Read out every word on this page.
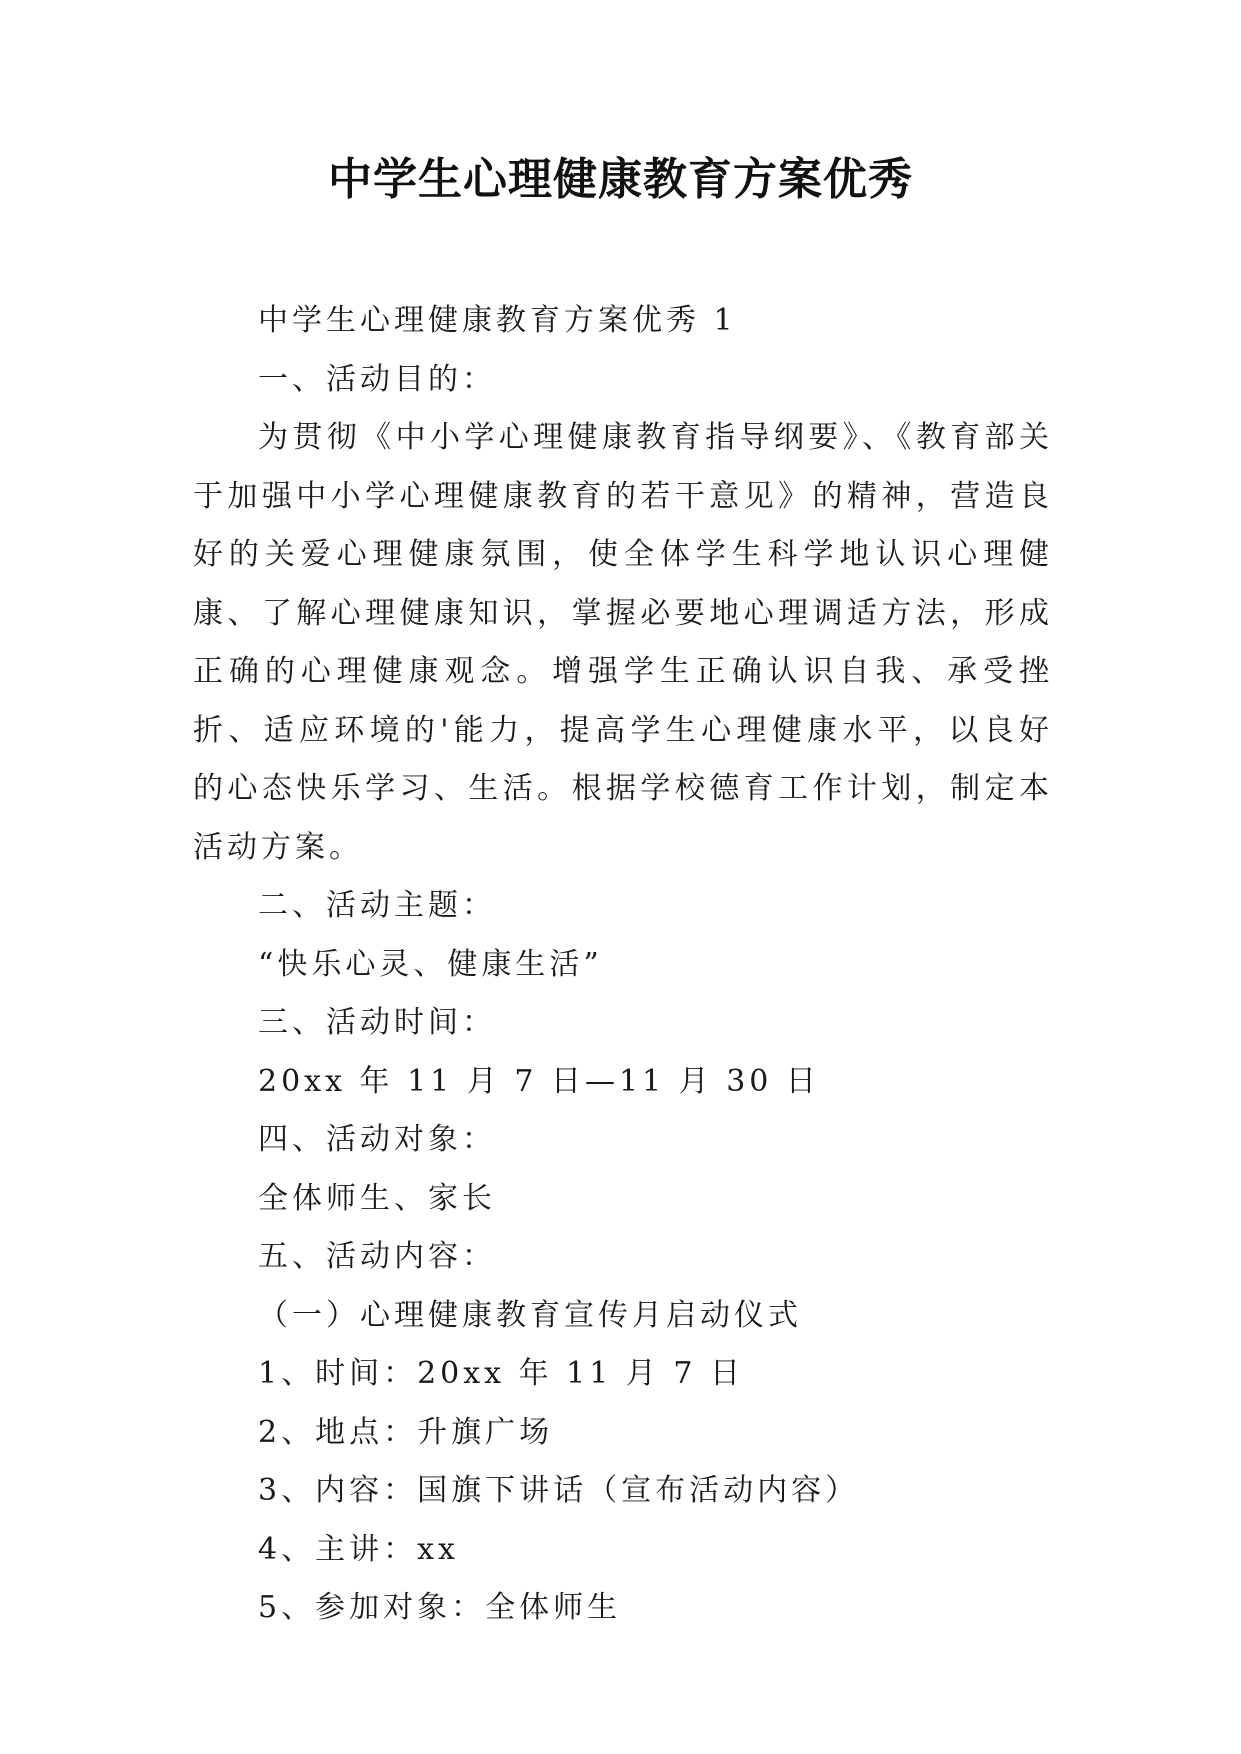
中学生心理健康教育方案优秀

中学生心理健康教育方案优秀 1

一、活动目的：

为贯彻《中小学心理健康教育指导纲要》、《教育部关于加强中小学心理健康教育的若干意见》的精神，营造良好的关爱心理健康氛围，使全体学生科学地认识心理健康、了解心理健康知识，掌握必要地心理调适方法，形成正确的心理健康观念。增强学生正确认识自我、承受挫折、适应环境的'能力，提高学生心理健康水平，以良好的心态快乐学习、生活。根据学校德育工作计划，制定本活动方案。

二、活动主题：

“快乐心灵、健康生活”

三、活动时间：

20xx 年 11 月 7 日—11 月 30 日

四、活动对象：

全体师生、家长

五、活动内容：

（一）心理健康教育宣传月启动仪式

1、时间：20xx 年 11 月 7 日

2、地点：升旗广场

3、内容：国旗下讲话（宣布活动内容）

4、主讲：xx

5、参加对象：全体师生
